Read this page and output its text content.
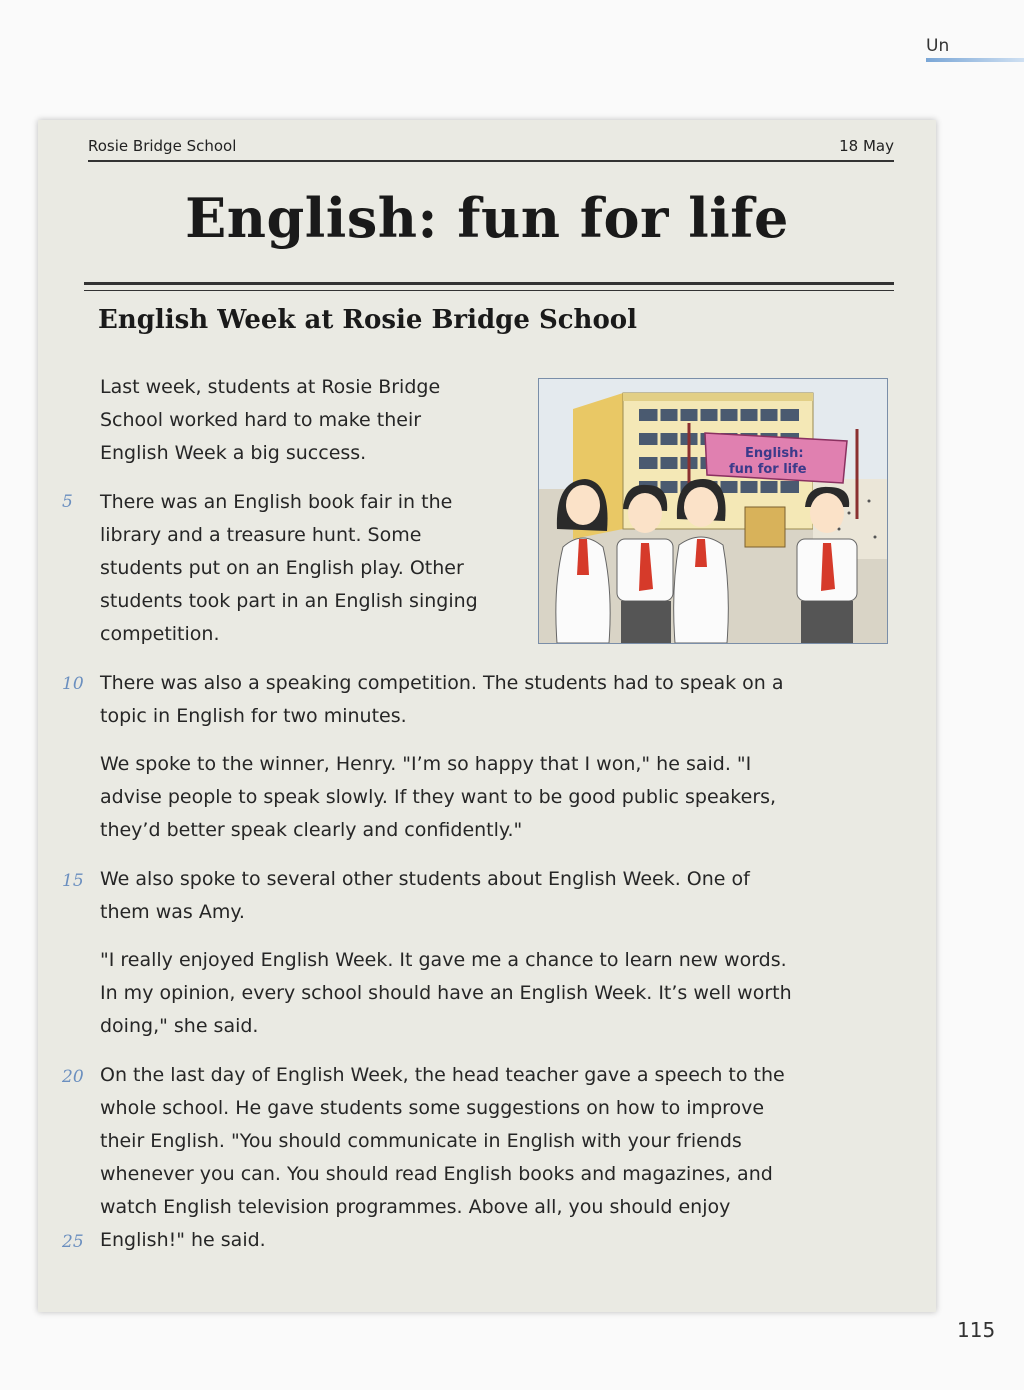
Un
Rosie Bridge School	18 May
English: fun for life
English Week at Rosie Bridge School

Last week, students at Rosie Bridge
School worked hard to make their
English Week a big success.

5 There was an English book fair in the
library and a treasure hunt. Some
students put on an English play. Other
students took part in an English singing
competition.

10 There was also a speaking competition. The students had to speak on a
topic in English for two minutes.

We spoke to the winner, Henry. "I’m so happy that I won," he said. "I
advise people to speak slowly. If they want to be good public speakers,
they’d better speak clearly and confidently."

15 We also spoke to several other students about English Week. One of
them was Amy.

"I really enjoyed English Week. It gave me a chance to learn new words.
In my opinion, every school should have an English Week. It’s well worth
doing," she said.

20 On the last day of English Week, the head teacher gave a speech to the
whole school. He gave students some suggestions on how to improve
their English. "You should communicate in English with your friends
whenever you can. You should read English books and magazines, and
watch English television programmes. Above all, you should enjoy
English!" he said.

25
English:
fun for life
115
